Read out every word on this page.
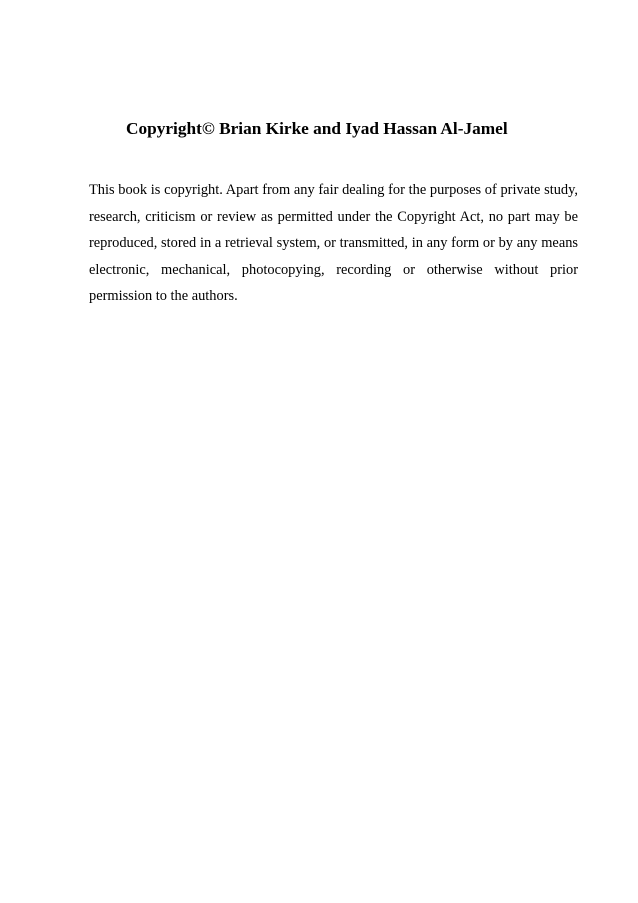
Copyright© Brian Kirke and Iyad Hassan Al-Jamel

This book is copyright. Apart from any fair dealing for the purposes of private study, research, criticism or review as permitted under the Copyright Act, no part may be reproduced, stored in a retrieval system, or transmitted, in any form or by any means electronic, mechanical, photocopying, recording or otherwise without prior permission to the authors.
